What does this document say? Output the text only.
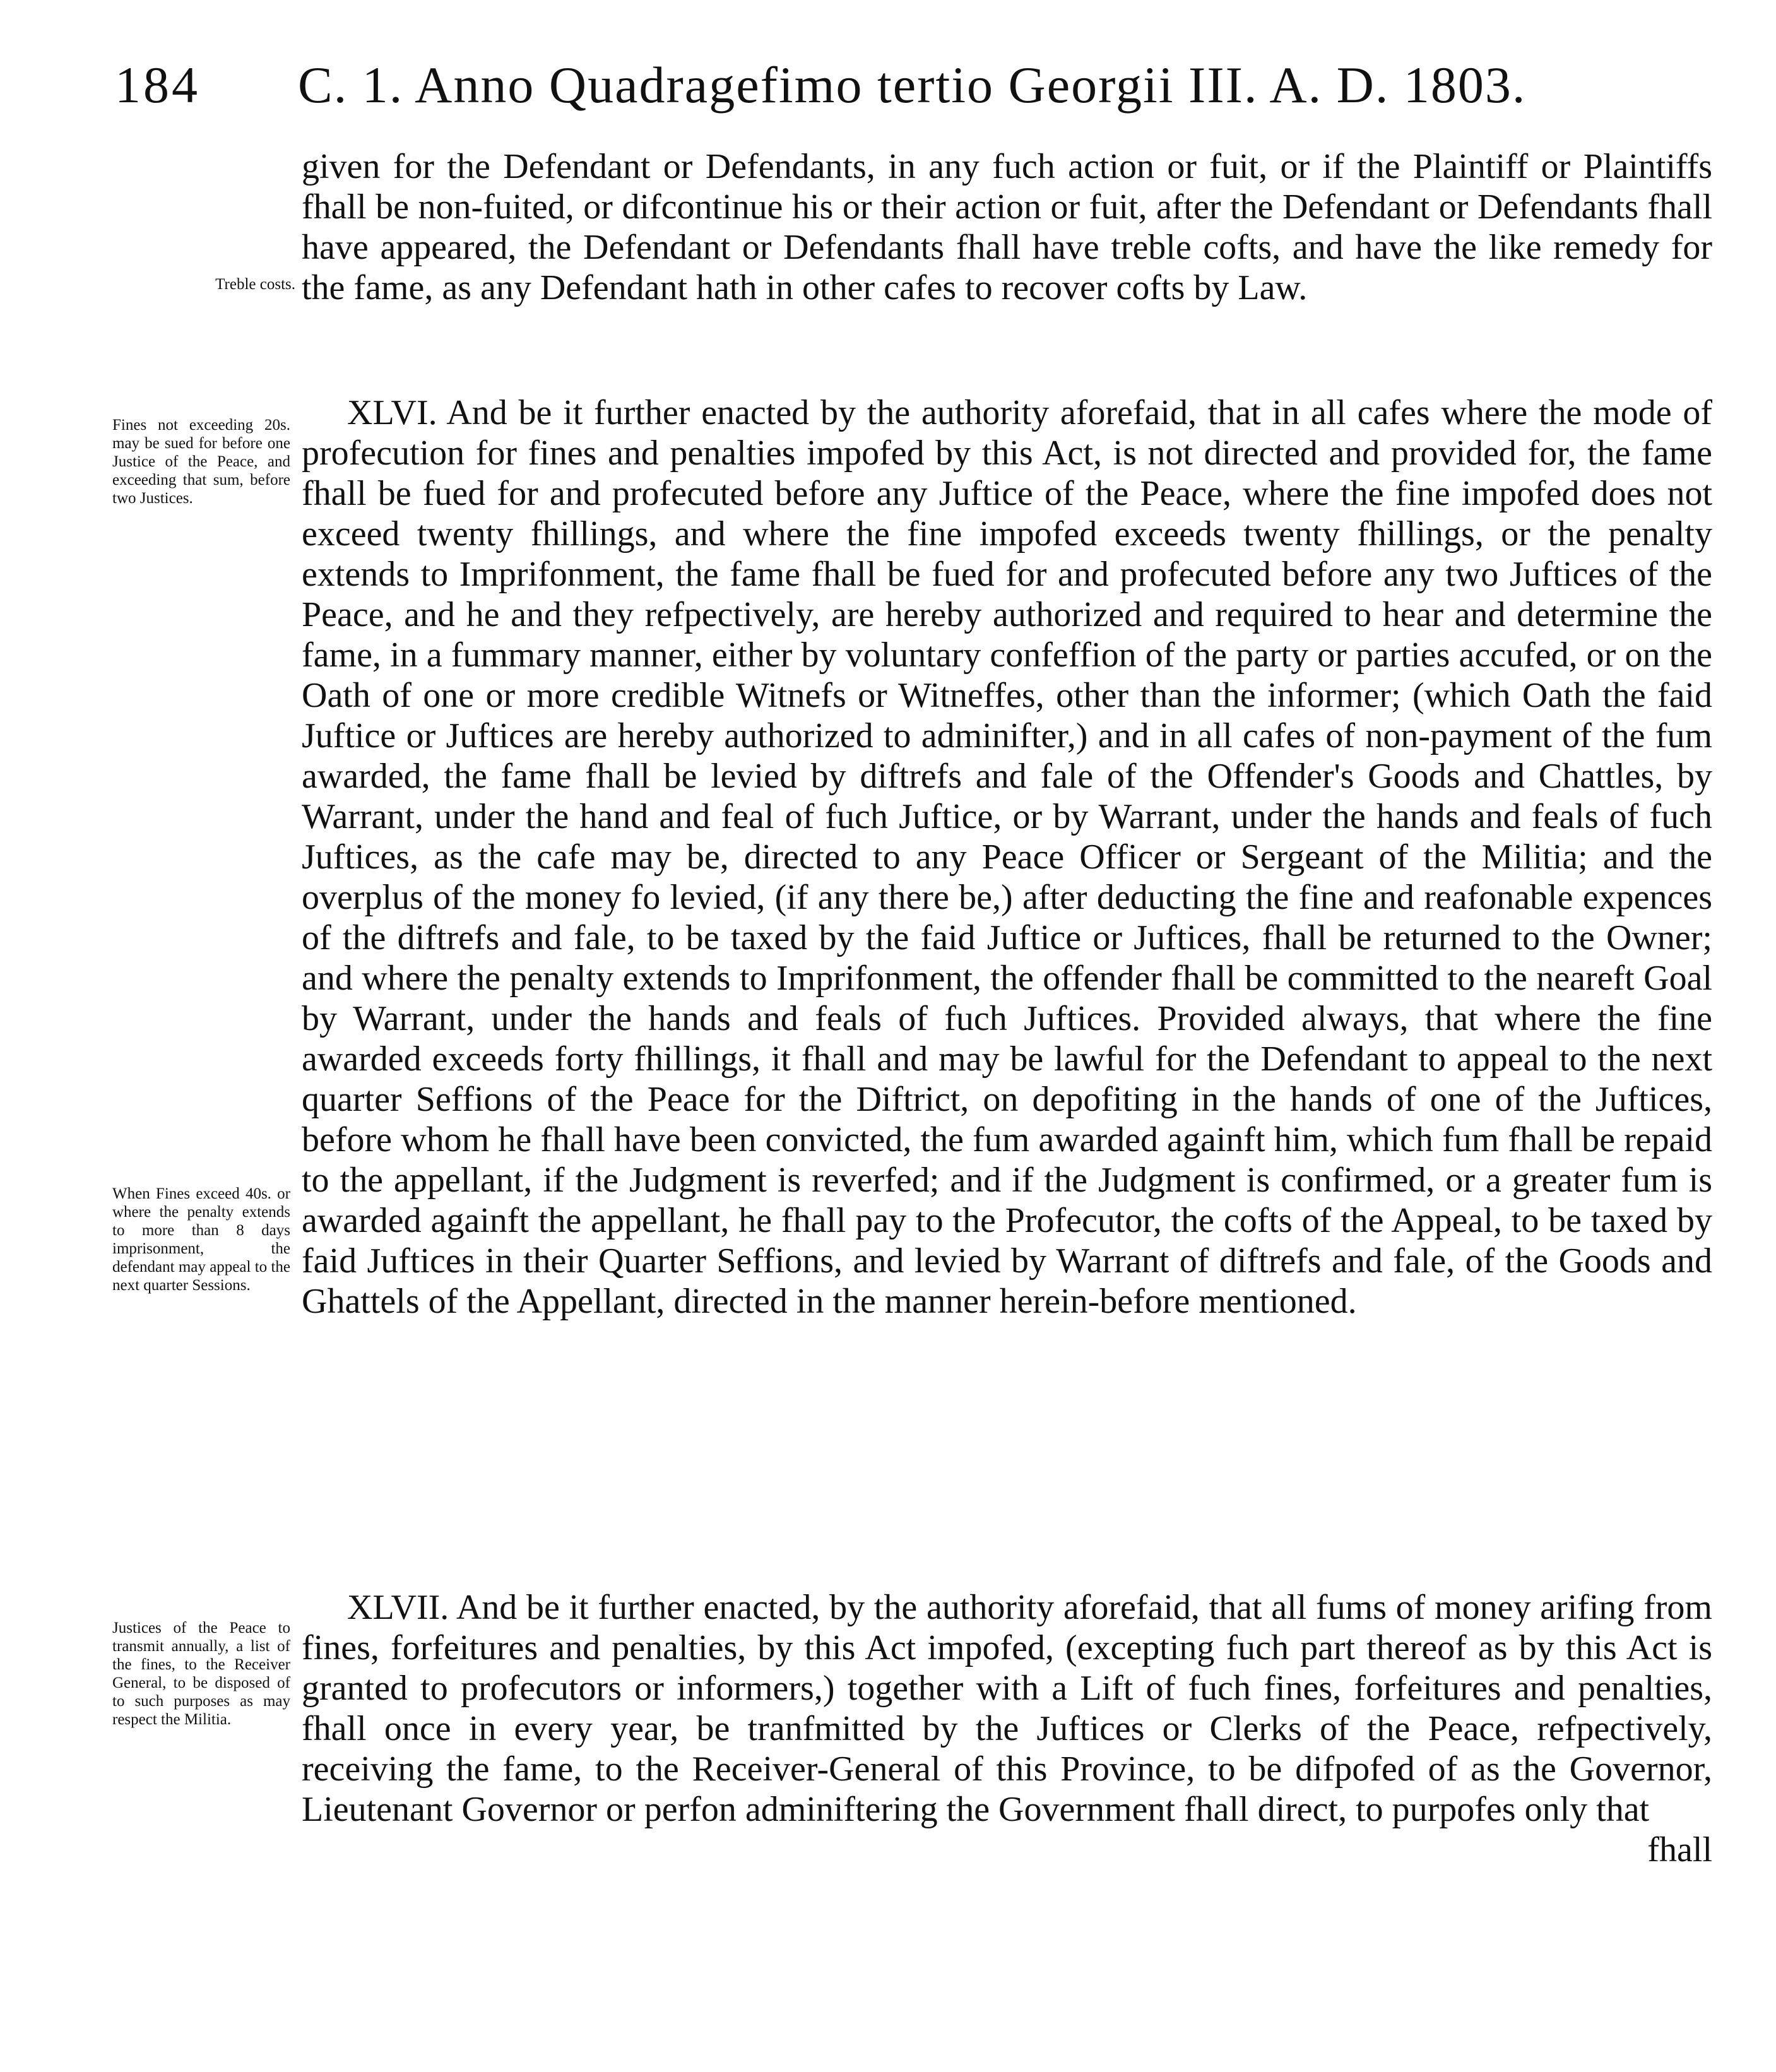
184 C. 1. Anno Quadragefimo tertio Georgii III. A. D. 1803.
Treble costs.
Fines not exceeding 20s. may be sued for before one Justice of the Peace, and exceeding that sum, before two Justices.
When Fines exceed 40s. or where the penalty extends to more than 8 days imprisonment, the defendant may appeal to the next quarter Sessions.
Justices of the Peace to transmit annually, a list of the fines, to the Receiver General, to be disposed of to such purposes as may respect the Militia.

given for the Defendant or Defendants, in any fuch action or fuit, or if the Plaintiff or Plaintiffs fhall be non-fuited, or difcontinue his or their action or fuit, after the Defendant or Defendants fhall have appeared, the Defendant or Defendants fhall have treble cofts, and have the like remedy for the fame, as any Defendant hath in other cafes to recover cofts by Law.

XLVI. And be it further enacted by the authority aforefaid, that in all cafes where the mode of profecution for fines and penalties impofed by this Act, is not directed and provided for, the fame fhall be fued for and profecuted before any Juftice of the Peace, where the fine impofed does not exceed twenty fhillings, and where the fine impofed exceeds twenty fhillings, or the penalty extends to Imprifonment, the fame fhall be fued for and profecuted before any two Juftices of the Peace, and he and they refpectively, are hereby authorized and required to hear and determine the fame, in a fummary manner, either by voluntary confeffion of the party or parties accufed, or on the Oath of one or more credible Witnefs or Witneffes, other than the informer; (which Oath the faid Juftice or Juftices are hereby authorized to adminifter,) and in all cafes of non-payment of the fum awarded, the fame fhall be levied by diftrefs and fale of the Offender's Goods and Chattles, by Warrant, under the hand and feal of fuch Juftice, or by Warrant, under the hands and feals of fuch Juftices, as the cafe may be, directed to any Peace Officer or Sergeant of the Militia; and the overplus of the money fo levied, (if any there be,) after deducting the fine and reafonable expences of the diftrefs and fale, to be taxed by the faid Juftice or Juftices, fhall be returned to the Owner; and where the penalty extends to Imprifonment, the offender fhall be committed to the neareft Goal by Warrant, under the hands and feals of fuch Juftices. Provided always, that where the fine awarded exceeds forty fhillings, it fhall and may be lawful for the Defendant to appeal to the next quarter Seffions of the Peace for the Diftrict, on depofiting in the hands of one of the Juftices, before whom he fhall have been convicted, the fum awarded againft him, which fum fhall be repaid to the appellant, if the Judgment is reverfed; and if the Judgment is confirmed, or a greater fum is awarded againft the appellant, he fhall pay to the Profecutor, the cofts of the Appeal, to be taxed by faid Juftices in their Quarter Seffions, and levied by Warrant of diftrefs and fale, of the Goods and Ghattels of the Appellant, directed in the manner herein-before mentioned.

XLVII. And be it further enacted, by the authority aforefaid, that all fums of money arifing from fines, forfeitures and penalties, by this Act impofed, (excepting fuch part thereof as by this Act is granted to profecutors or informers,) together with a Lift of fuch fines, forfeitures and penalties, fhall once in every year, be tranfmitted by the Juftices or Clerks of the Peace, refpectively, receiving the fame, to the Receiver-General of this Province, to be difpofed of as the Governor, Lieutenant Governor or perfon adminiftering the Government fhall direct, to purpofes only that

fhall
